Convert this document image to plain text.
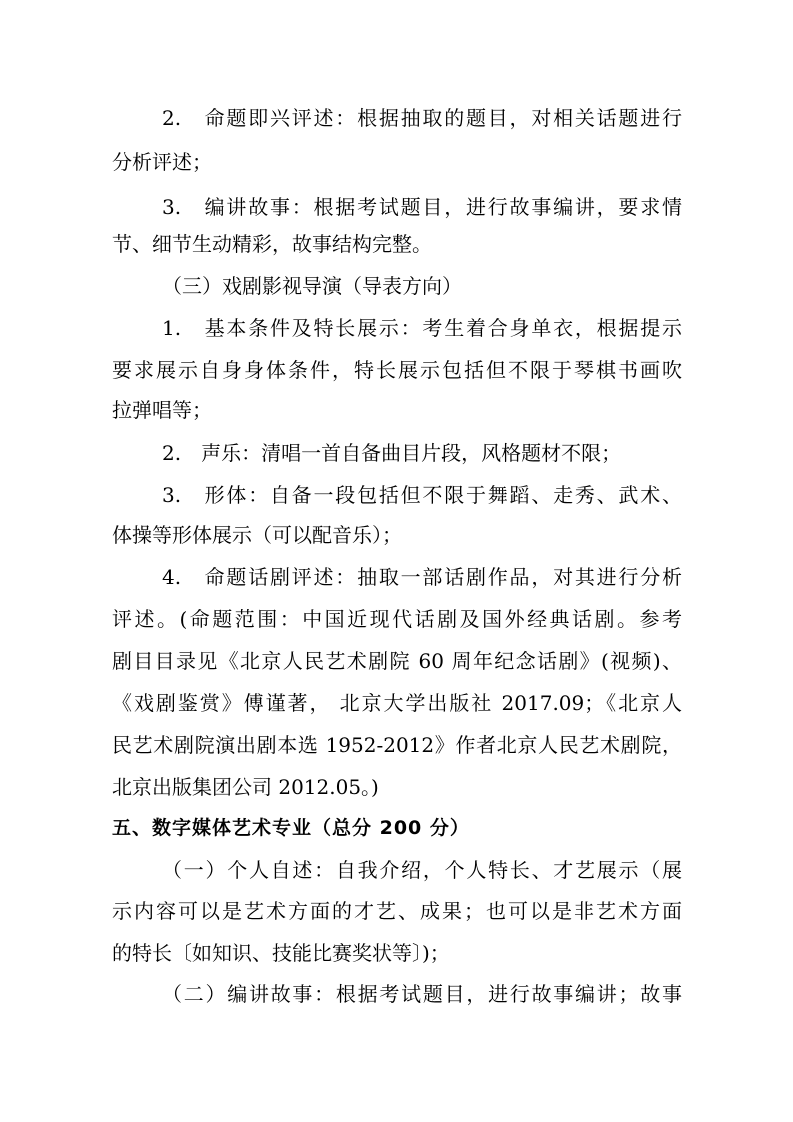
2.　命题即兴评述：根据抽取的题目，对相关话题进行
分析评述；
3.　编讲故事：根据考试题目，进行故事编讲，要求情
节、细节生动精彩，故事结构完整。
（三）戏剧影视导演（导表方向）
1.　基本条件及特长展示：考生着合身单衣，根据提示
要求展示自身身体条件，特长展示包括但不限于琴棋书画吹
拉弹唱等；
2.　声乐：清唱一首自备曲目片段，风格题材不限；
3.　形体：自备一段包括但不限于舞蹈、走秀、武术、
体操等形体展示（可以配音乐）；
4.　命题话剧评述：抽取一部话剧作品，对其进行分析
评述。(命题范围：中国近现代话剧及国外经典话剧。参考
剧目目录见《北京人民艺术剧院 60 周年纪念话剧》(视频)、
《戏剧鉴赏》傅谨著， 北京大学出版社 2017.09；《北京人
民艺术剧院演出剧本选 1952-2012》作者北京人民艺术剧院，
北京出版集团公司 2012.05。)
五、数字媒体艺术专业（总分 200 分）
（一）个人自述：自我介绍，个人特长、才艺展示（展
示内容可以是艺术方面的才艺、成果；也可以是非艺术方面
的特长〔如知识、技能比赛奖状等〕)；
（二）编讲故事：根据考试题目，进行故事编讲；故事
